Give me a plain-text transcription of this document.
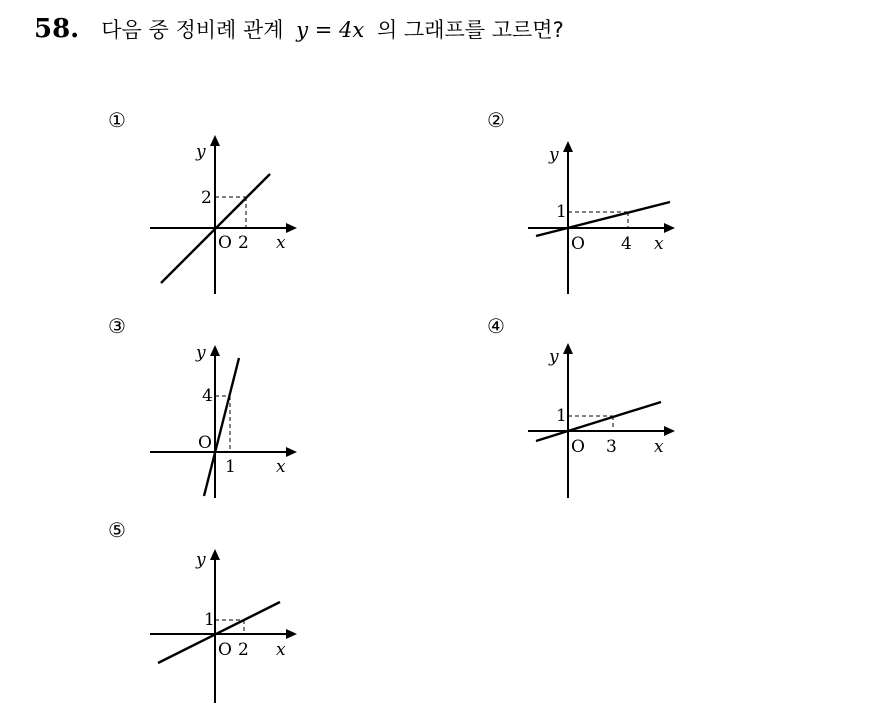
58. 다음 중 정비례 관계 y = 4x 의 그래프를 고르면?
①
y
2
O 2 x
②
y
1
O 4 x
③
y
4
O
1 x
④
y
1
O 3 x
⑤
y
1
O 2 x
